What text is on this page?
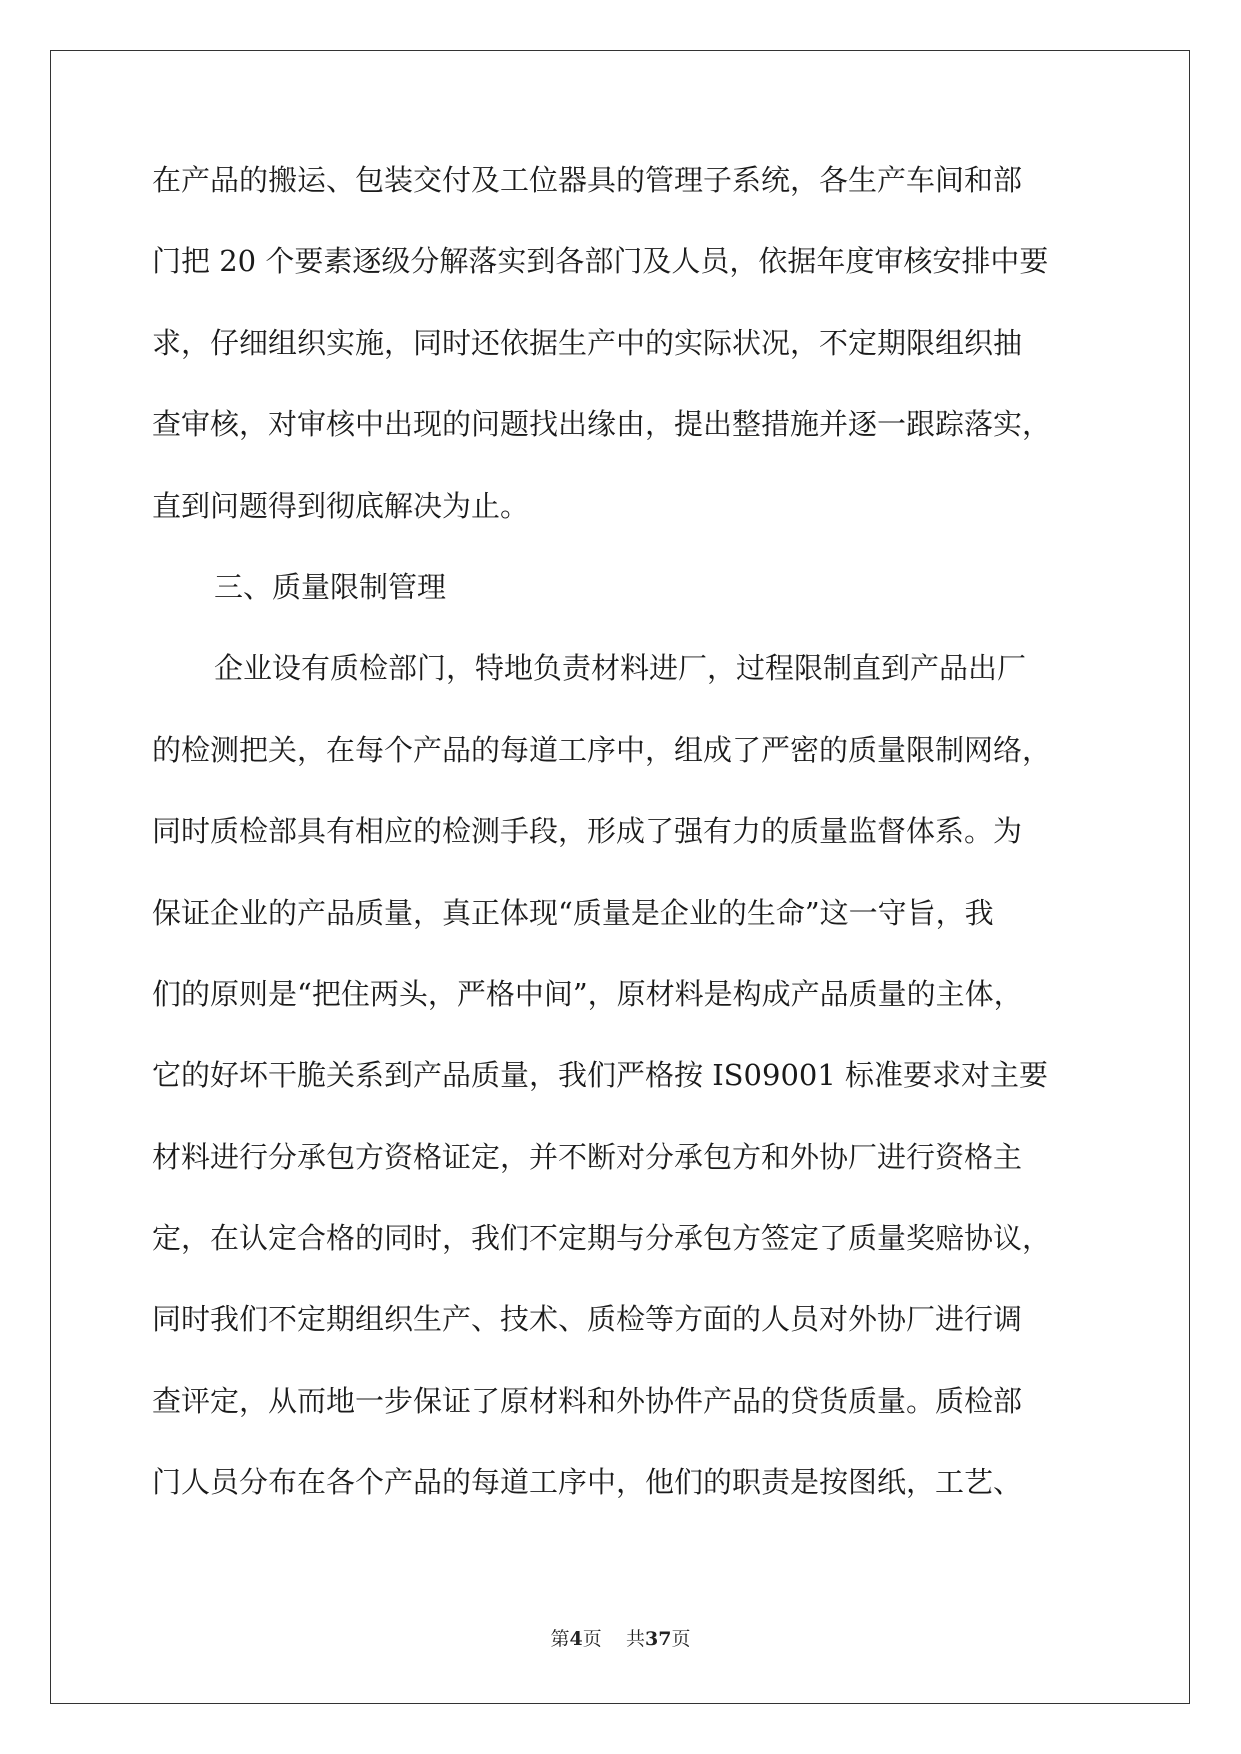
在产品的搬运、包装交付及工位器具的管理子系统，各生产车间和部
门把 20 个要素逐级分解落实到各部门及人员，依据年度审核安排中要
求，仔细组织实施，同时还依据生产中的实际状况，不定期限组织抽
查审核，对审核中出现的问题找出缘由，提出整措施并逐一跟踪落实，
直到问题得到彻底解决为止。
三、质量限制管理
企业设有质检部门，特地负责材料进厂，过程限制直到产品出厂
的检测把关，在每个产品的每道工序中，组成了严密的质量限制网络，
同时质检部具有相应的检测手段，形成了强有力的质量监督体系。为
保证企业的产品质量，真正体现“质量是企业的生命”这一守旨，我
们的原则是“把住两头，严格中间”，原材料是构成产品质量的主体，
它的好坏干脆关系到产品质量，我们严格按 IS09001 标准要求对主要
材料进行分承包方资格证定，并不断对分承包方和外协厂进行资格主
定，在认定合格的同时，我们不定期与分承包方签定了质量奖赔协议，
同时我们不定期组织生产、技术、质检等方面的人员对外协厂进行调
查评定，从而地一步保证了原材料和外协件产品的贷货质量。质检部
门人员分布在各个产品的每道工序中，他们的职责是按图纸，工艺、
第4页 共37页
